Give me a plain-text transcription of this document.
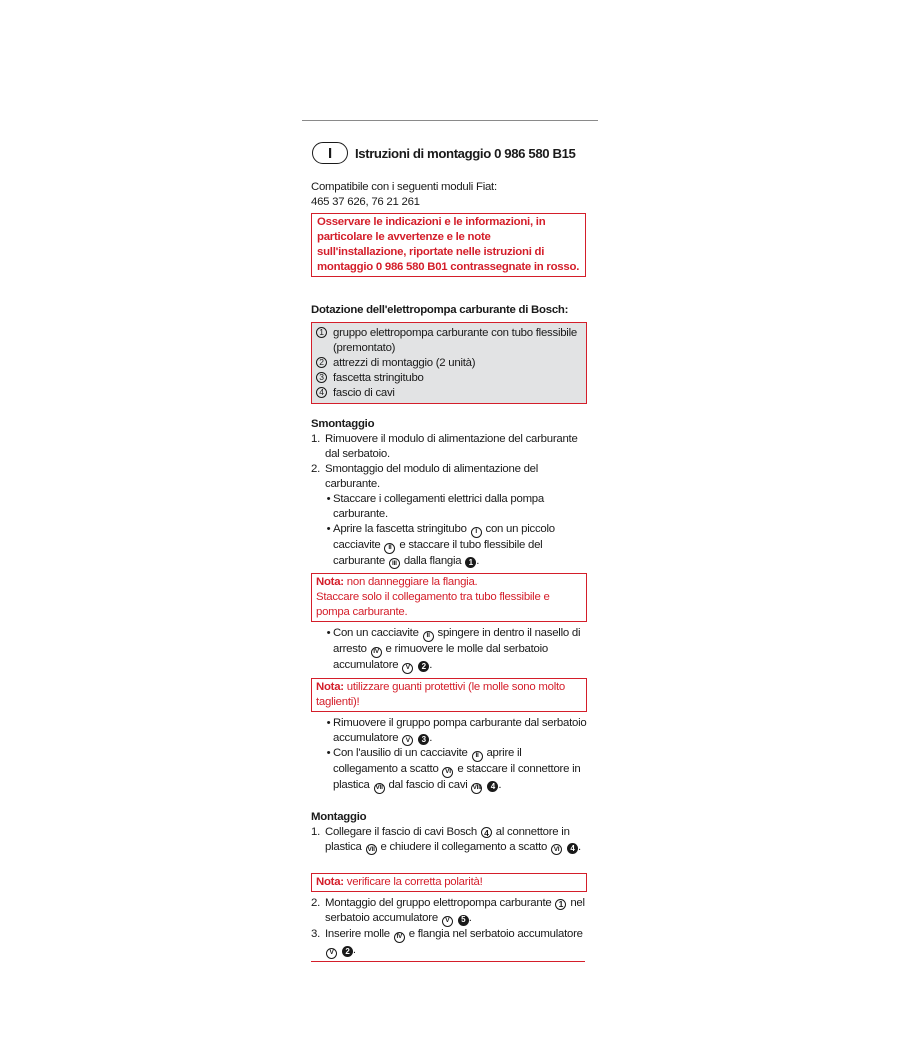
I	Istruzioni di montaggio 0 986 580 B15
Compatibile con i seguenti moduli Fiat:
465 37 626, 76 21 261
Osservare le indicazioni e le informazioni, in particolare le avvertenze e le note sull'installazione, riportate nelle istruzioni di montaggio 0 986 580 B01 contrassegnate in rosso.
Dotazione dell'elettropompa carburante di Bosch:
1 gruppo elettropompa carburante con tubo flessibile (premontato)
2 attrezzi di montaggio (2 unità)
3 fascetta stringitubo
4 fascio di cavi
Smontaggio
1. Rimuovere il modulo di alimentazione del carburante dal serbatoio.
2. Smontaggio del modulo di alimentazione del carburante.
• Staccare i collegamenti elettrici dalla pompa carburante.
• Aprire la fascetta stringitubo I con un piccolo cacciavite II e staccare il tubo flessibile del carburante III dalla flangia 1 .
Nota: non danneggiare la flangia.
Staccare solo il collegamento tra tubo flessibile e pompa carburante.
• Con un cacciavite II spingere in dentro il nasello di arresto IV e rimuovere le molle dal serbatoio accumulatore V 2 .
Nota: utilizzare guanti protettivi (le molle sono molto taglienti)!
• Rimuovere il gruppo pompa carburante dal serbatoio accumulatore V 3 .
• Con l'ausilio di un cacciavite II aprire il collegamento a scatto VI e staccare il connettore in plastica VII dal fascio di cavi VIII 4 .
Montaggio
1. Collegare il fascio di cavi Bosch 4 al connettore in plastica VII e chiudere il collegamento a scatto VI 4 .
Nota: verificare la corretta polarità!
2. Montaggio del gruppo elettropompa carburante 1 nel serbatoio accumulatore V 5 .
3. Inserire molle IV e flangia nel serbatoio accumulatore V 2 .
